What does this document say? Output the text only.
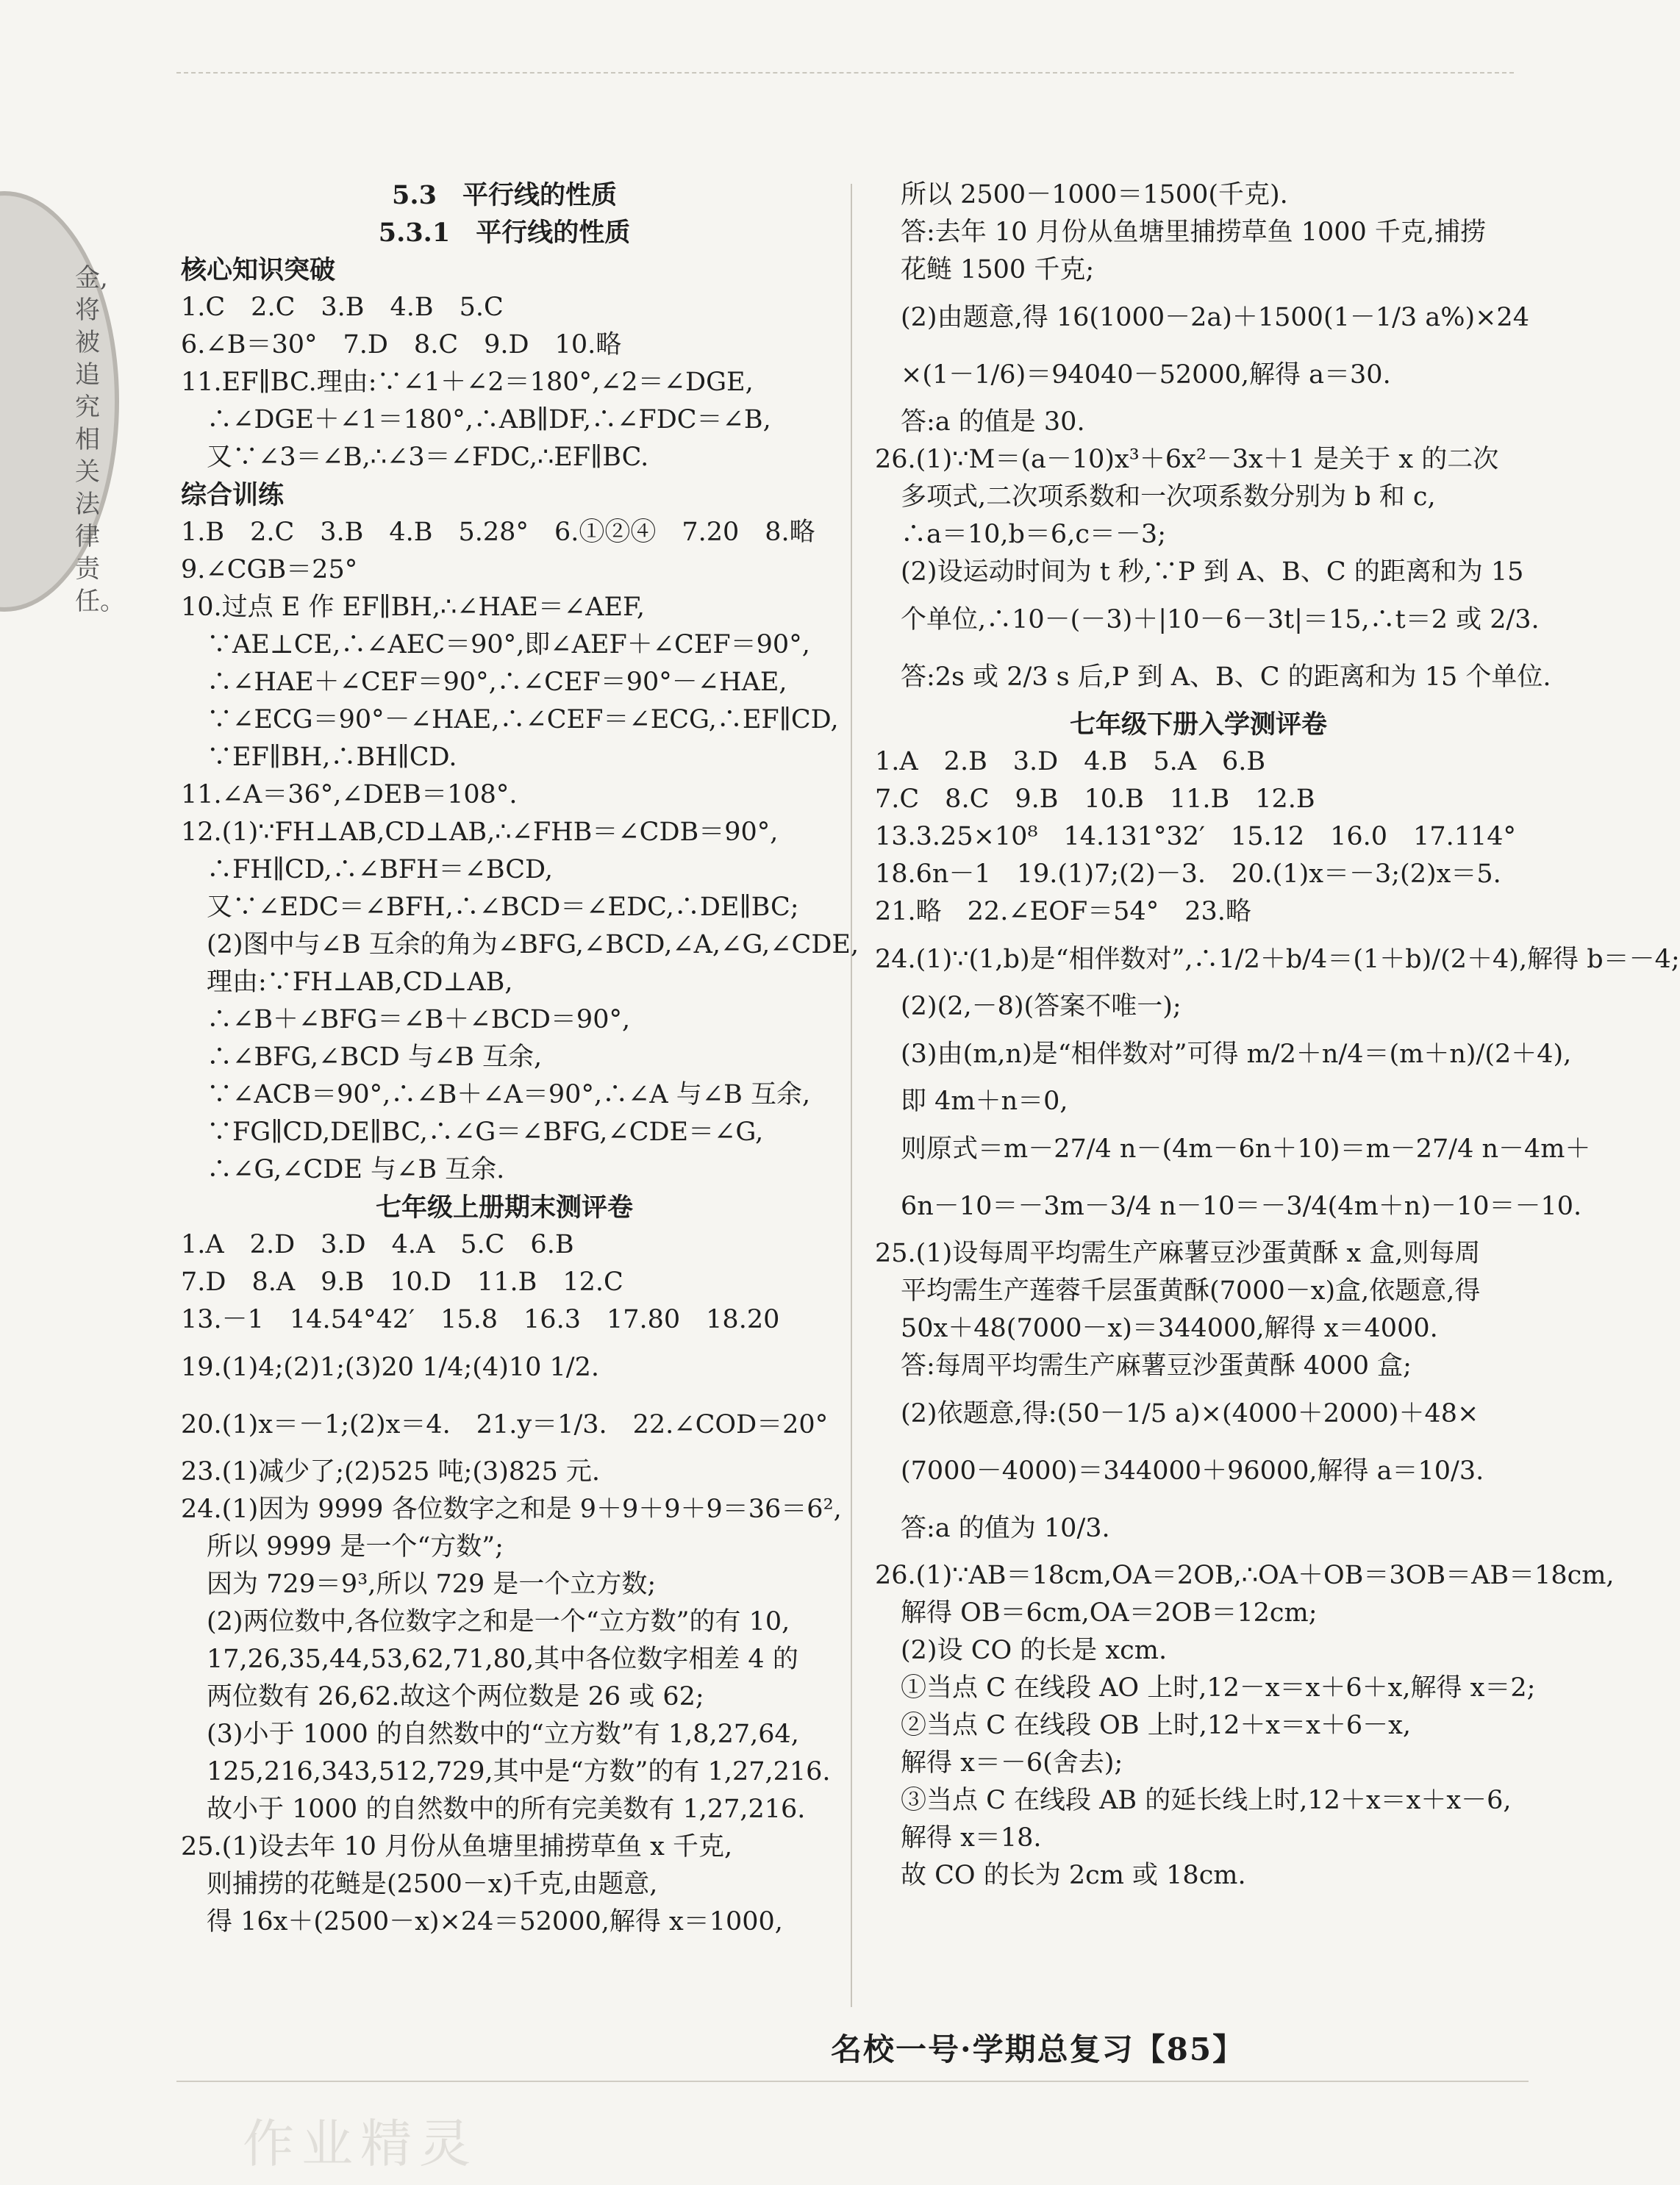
金,将被追究相关法律责任。
5.3　平行线的性质
5.3.1　平行线的性质
核心知识突破
1.C　2.C　3.B　4.B　5.C
6.∠B＝30°　7.D　8.C　9.D　10.略
11.EF∥BC.理由:∵∠1＋∠2＝180°,∠2＝∠DGE,
　∴∠DGE＋∠1＝180°,∴AB∥DF,∴∠FDC＝∠B,
　又∵∠3＝∠B,∴∠3＝∠FDC,∴EF∥BC.
综合训练
1.B　2.C　3.B　4.B　5.28°　6.①②④　7.20　8.略
9.∠CGB＝25°
10.过点 E 作 EF∥BH,∴∠HAE＝∠AEF,
　∵AE⊥CE,∴∠AEC＝90°,即∠AEF＋∠CEF＝90°,
　∴∠HAE＋∠CEF＝90°,∴∠CEF＝90°－∠HAE,
　∵∠ECG＝90°－∠HAE,∴∠CEF＝∠ECG,∴EF∥CD,
　∵EF∥BH,∴BH∥CD.
11.∠A＝36°,∠DEB＝108°.
12.(1)∵FH⊥AB,CD⊥AB,∴∠FHB＝∠CDB＝90°,
　∴FH∥CD,∴∠BFH＝∠BCD,
　又∵∠EDC＝∠BFH,∴∠BCD＝∠EDC,∴DE∥BC;
　(2)图中与∠B 互余的角为∠BFG,∠BCD,∠A,∠G,∠CDE,
　理由:∵FH⊥AB,CD⊥AB,
　∴∠B＋∠BFG＝∠B＋∠BCD＝90°,
　∴∠BFG,∠BCD 与∠B 互余,
　∵∠ACB＝90°,∴∠B＋∠A＝90°,∴∠A 与∠B 互余,
　∵FG∥CD,DE∥BC,∴∠G＝∠BFG,∠CDE＝∠G,
　∴∠G,∠CDE 与∠B 互余.
七年级上册期末测评卷
1.A　2.D　3.D　4.A　5.C　6.B
7.D　8.A　9.B　10.D　11.B　12.C
13.－1　14.54°42′　15.8　16.3　17.80　18.20
19.(1)4;(2)1;(3)20 1/4;(4)10 1/2.
20.(1)x＝－1;(2)x＝4.　21.y＝1/3.　22.∠COD＝20°
23.(1)减少了;(2)525 吨;(3)825 元.
24.(1)因为 9999 各位数字之和是 9＋9＋9＋9＝36＝6²,
　所以 9999 是一个“方数”;
　因为 729＝9³,所以 729 是一个立方数;
　(2)两位数中,各位数字之和是一个“立方数”的有 10,
　17,26,35,44,53,62,71,80,其中各位数字相差 4 的
　两位数有 26,62.故这个两位数是 26 或 62;
　(3)小于 1000 的自然数中的“立方数”有 1,8,27,64,
　125,216,343,512,729,其中是“方数”的有 1,27,216.
　故小于 1000 的自然数中的所有完美数有 1,27,216.
25.(1)设去年 10 月份从鱼塘里捕捞草鱼 x 千克,
　则捕捞的花鲢是(2500－x)千克,由题意,
　得 16x＋(2500－x)×24＝52000,解得 x＝1000,
　所以 2500－1000＝1500(千克).
　答:去年 10 月份从鱼塘里捕捞草鱼 1000 千克,捕捞
　花鲢 1500 千克;
　(2)由题意,得 16(1000－2a)＋1500(1－1/3 a%)×24
　×(1－1/6)＝94040－52000,解得 a＝30.
　答:a 的值是 30.
26.(1)∵M＝(a－10)x³＋6x²－3x＋1 是关于 x 的二次
　多项式,二次项系数和一次项系数分别为 b 和 c,
　∴a＝10,b＝6,c＝－3;
　(2)设运动时间为 t 秒,∵P 到 A、B、C 的距离和为 15
　个单位,∴10－(－3)＋|10－6－3t|＝15,∴t＝2 或 2/3.
　答:2s 或 2/3 s 后,P 到 A、B、C 的距离和为 15 个单位.
七年级下册入学测评卷
1.A　2.B　3.D　4.B　5.A　6.B
7.C　8.C　9.B　10.B　11.B　12.B
13.3.25×10⁸　14.131°32′　15.12　16.0　17.114°
18.6n－1　19.(1)7;(2)－3.　20.(1)x＝－3;(2)x＝5.
21.略　22.∠EOF＝54°　23.略
24.(1)∵(1,b)是“相伴数对”,∴1/2＋b/4＝(1＋b)/(2＋4),解得 b＝－4;
　(2)(2,－8)(答案不唯一);
　(3)由(m,n)是“相伴数对”可得 m/2＋n/4＝(m＋n)/(2＋4),
　即 4m＋n＝0,
　则原式＝m－27/4 n－(4m－6n＋10)＝m－27/4 n－4m＋
　6n－10＝－3m－3/4 n－10＝－3/4(4m＋n)－10＝－10.
25.(1)设每周平均需生产麻薯豆沙蛋黄酥 x 盒,则每周
　平均需生产莲蓉千层蛋黄酥(7000－x)盒,依题意,得
　50x＋48(7000－x)＝344000,解得 x＝4000.
　答:每周平均需生产麻薯豆沙蛋黄酥 4000 盒;
　(2)依题意,得:(50－1/5 a)×(4000＋2000)＋48×
　(7000－4000)＝344000＋96000,解得 a＝10/3.
　答:a 的值为 10/3.
26.(1)∵AB＝18cm,OA＝2OB,∴OA＋OB＝3OB＝AB＝18cm,
　解得 OB＝6cm,OA＝2OB＝12cm;
　(2)设 CO 的长是 xcm.
　①当点 C 在线段 AO 上时,12－x＝x＋6＋x,解得 x＝2;
　②当点 C 在线段 OB 上时,12＋x＝x＋6－x,
　解得 x＝－6(舍去);
　③当点 C 在线段 AB 的延长线上时,12＋x＝x＋x－6,
　解得 x＝18.
　故 CO 的长为 2cm 或 18cm.
名校一号·学期总复习【85】
作业精灵
